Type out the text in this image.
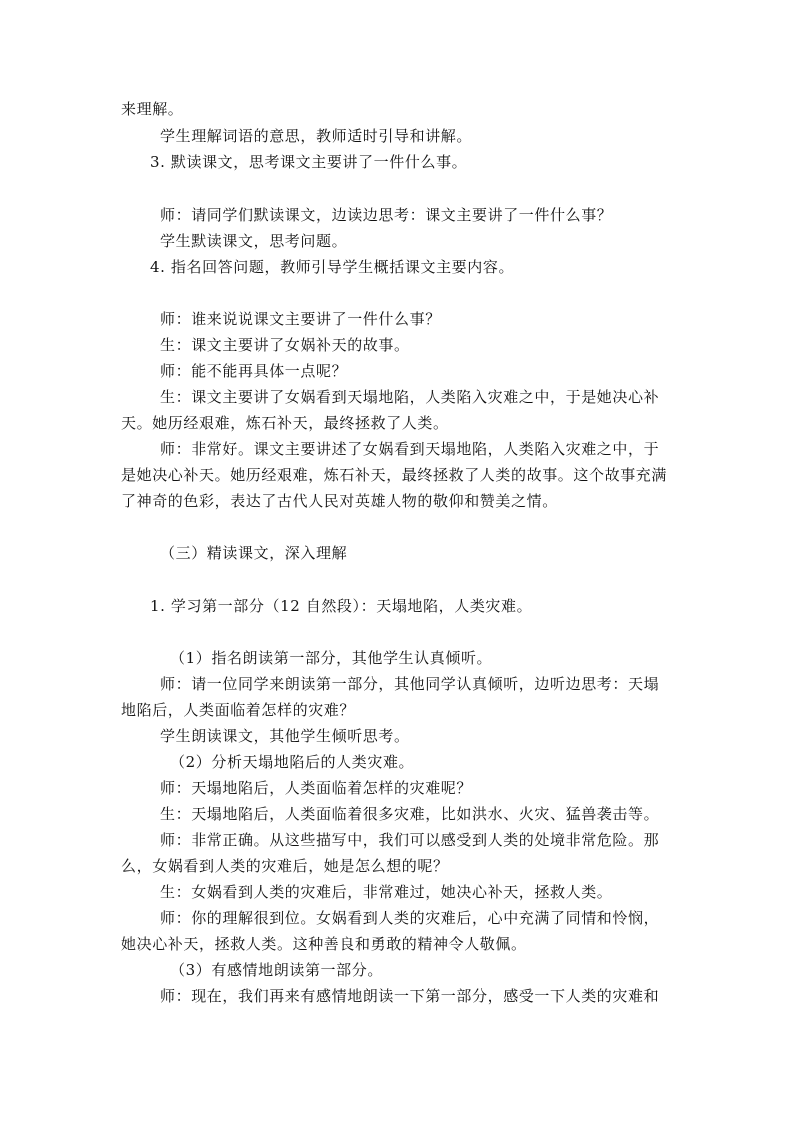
来理解。
学生理解词语的意思，教师适时引导和讲解。
3. 默读课文，思考课文主要讲了一件什么事。
师：请同学们默读课文，边读边思考：课文主要讲了一件什么事？
学生默读课文，思考问题。
4. 指名回答问题，教师引导学生概括课文主要内容。
师：谁来说说课文主要讲了一件什么事？
生：课文主要讲了女娲补天的故事。
师：能不能再具体一点呢？
生：课文主要讲了女娲看到天塌地陷，人类陷入灾难之中，于是她决心补
天。她历经艰难，炼石补天，最终拯救了人类。
师：非常好。课文主要讲述了女娲看到天塌地陷，人类陷入灾难之中，于
是她决心补天。她历经艰难，炼石补天，最终拯救了人类的故事。这个故事充满
了神奇的色彩，表达了古代人民对英雄人物的敬仰和赞美之情。
（三）精读课文，深入理解
1. 学习第一部分（12 自然段）：天塌地陷，人类灾难。
（1）指名朗读第一部分，其他学生认真倾听。
师：请一位同学来朗读第一部分，其他同学认真倾听，边听边思考：天塌
地陷后，人类面临着怎样的灾难？
学生朗读课文，其他学生倾听思考。
（2）分析天塌地陷后的人类灾难。
师：天塌地陷后，人类面临着怎样的灾难呢？
生：天塌地陷后，人类面临着很多灾难，比如洪水、火灾、猛兽袭击等。
师：非常正确。从这些描写中，我们可以感受到人类的处境非常危险。那
么，女娲看到人类的灾难后，她是怎么想的呢？
生：女娲看到人类的灾难后，非常难过，她决心补天，拯救人类。
师：你的理解很到位。女娲看到人类的灾难后，心中充满了同情和怜悯，
她决心补天，拯救人类。这种善良和勇敢的精神令人敬佩。
（3）有感情地朗读第一部分。
师：现在，我们再来有感情地朗读一下第一部分，感受一下人类的灾难和
